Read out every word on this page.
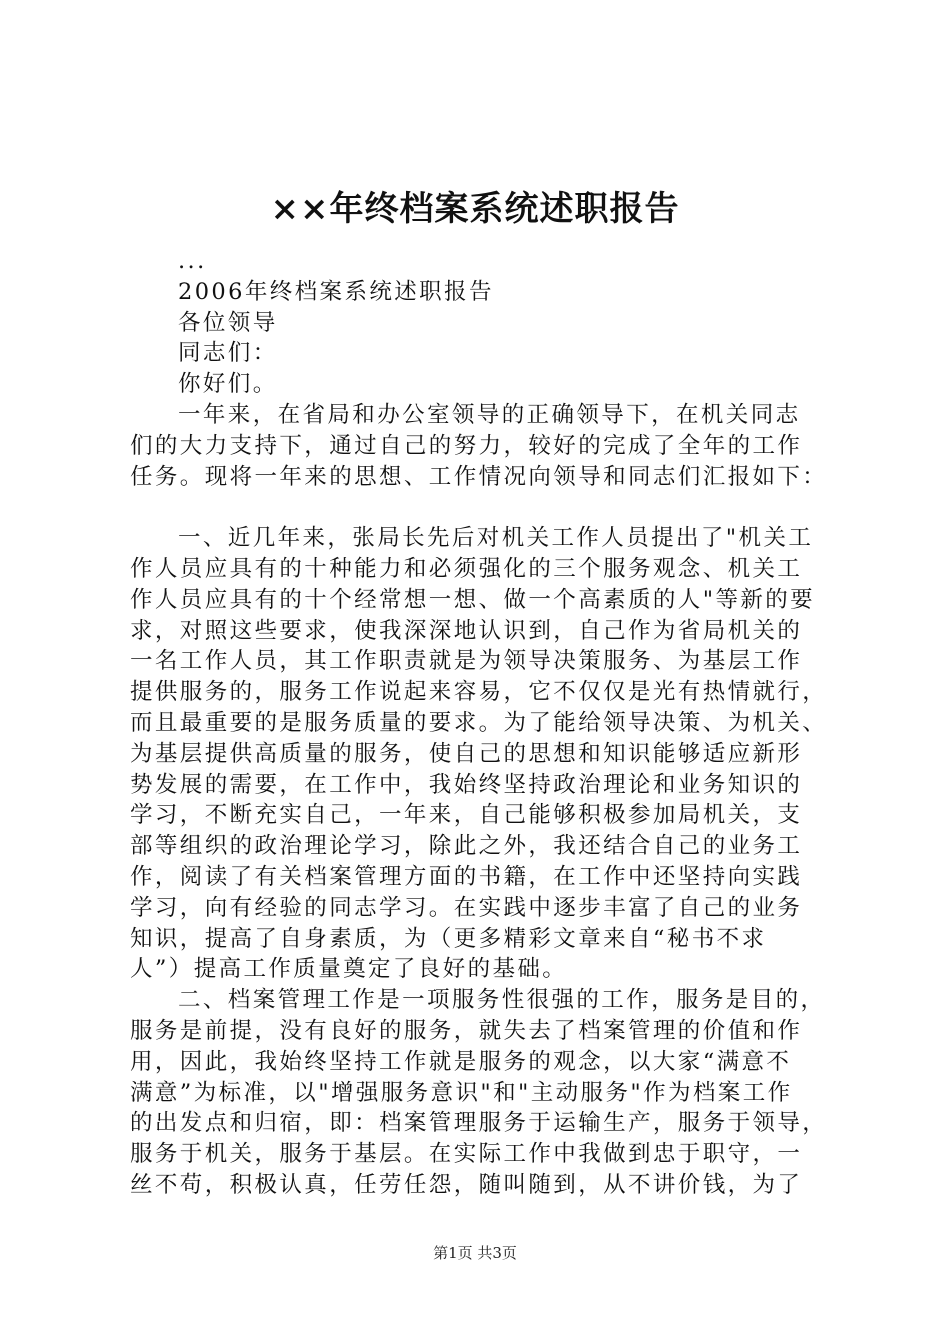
××年终档案系统述职报告
...
2006年终档案系统述职报告
各位领导
同志们：
你好们。
一年来，在省局和办公室领导的正确领导下，在机关同志
们的大力支持下，通过自己的努力，较好的完成了全年的工作
任务。现将一年来的思想、工作情况向领导和同志们汇报如下：
一、近几年来，张局长先后对机关工作人员提出了"机关工
作人员应具有的十种能力和必须强化的三个服务观念、机关工
作人员应具有的十个经常想一想、做一个高素质的人"等新的要
求，对照这些要求，使我深深地认识到，自己作为省局机关的
一名工作人员，其工作职责就是为领导决策服务、为基层工作
提供服务的，服务工作说起来容易，它不仅仅是光有热情就行，
而且最重要的是服务质量的要求。为了能给领导决策、为机关、
为基层提供高质量的服务，使自己的思想和知识能够适应新形
势发展的需要，在工作中，我始终坚持政治理论和业务知识的
学习，不断充实自己，一年来，自己能够积极参加局机关，支
部等组织的政治理论学习，除此之外，我还结合自己的业务工
作，阅读了有关档案管理方面的书籍，在工作中还坚持向实践
学习，向有经验的同志学习。在实践中逐步丰富了自己的业务
知识，提高了自身素质，为（更多精彩文章来自“秘书不求
人”）提高工作质量奠定了良好的基础。
二、档案管理工作是一项服务性很强的工作，服务是目的，
服务是前提，没有良好的服务，就失去了档案管理的价值和作
用，因此，我始终坚持工作就是服务的观念，以大家“满意不
满意”为标准，以"增强服务意识"和"主动服务"作为档案工作
的出发点和归宿，即：档案管理服务于运输生产，服务于领导，
服务于机关，服务于基层。在实际工作中我做到忠于职守，一
丝不苟，积极认真，任劳任怨，随叫随到，从不讲价钱，为了
第1页 共3页
